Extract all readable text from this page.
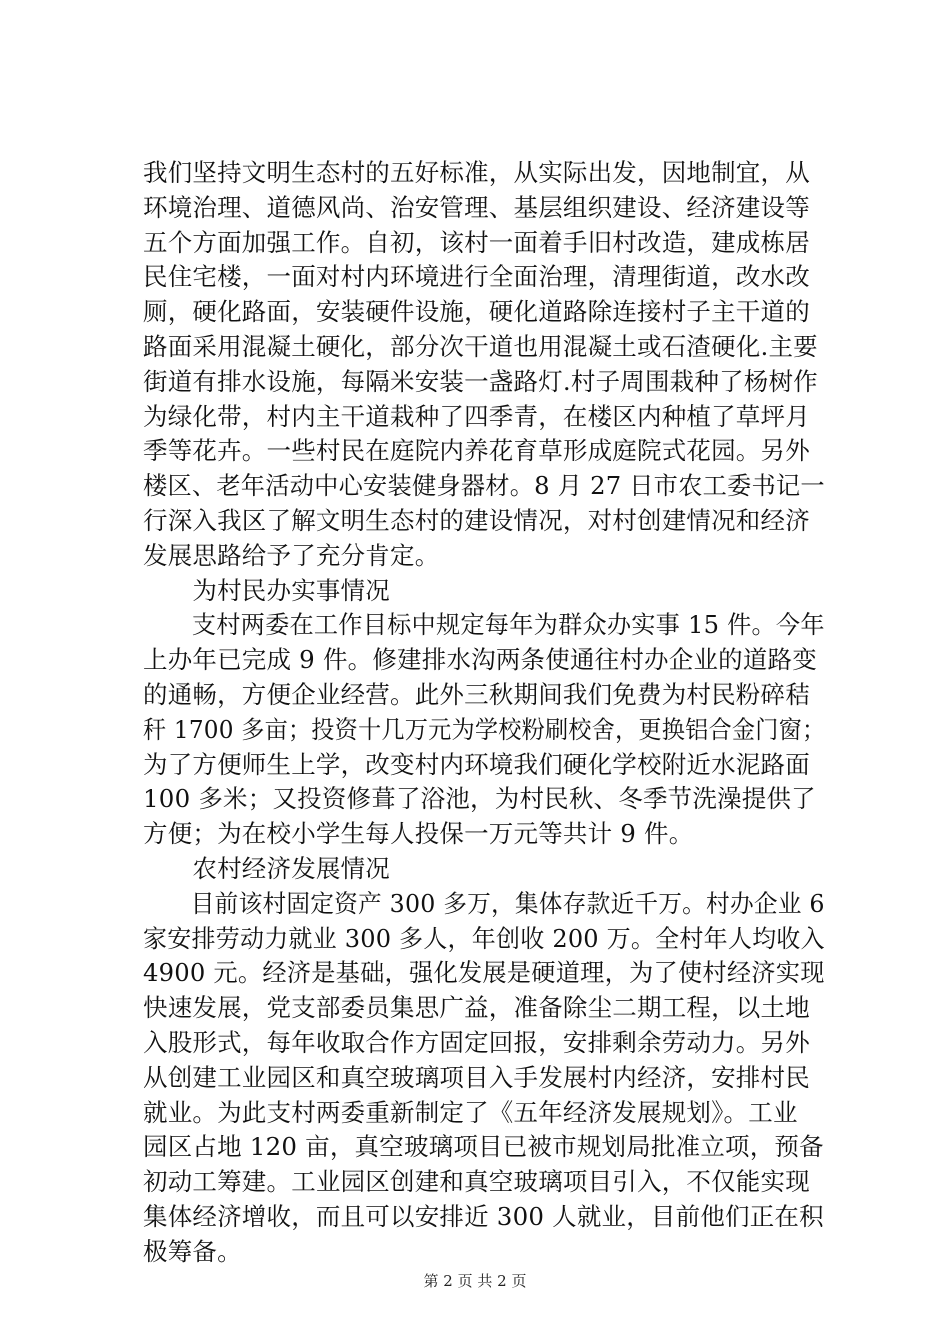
我们坚持文明生态村的五好标准，从实际出发，因地制宜，从
环境治理、道德风尚、治安管理、基层组织建设、经济建设等
五个方面加强工作。自初，该村一面着手旧村改造，建成栋居
民住宅楼，一面对村内环境进行全面治理，清理街道，改水改
厕，硬化路面，安装硬件设施，硬化道路除连接村子主干道的
路面采用混凝土硬化，部分次干道也用混凝土或石渣硬化.主要
街道有排水设施，每隔米安装一盏路灯.村子周围栽种了杨树作
为绿化带，村内主干道栽种了四季青，在楼区内种植了草坪月
季等花卉。一些村民在庭院内养花育草形成庭院式花园。另外
楼区、老年活动中心安装健身器材。8 月 27 日市农工委书记一
行深入我区了解文明生态村的建设情况，对村创建情况和经济
发展思路给予了充分肯定。
　　为村民办实事情况
　　支村两委在工作目标中规定每年为群众办实事 15 件。今年
上办年已完成 9 件。修建排水沟两条使通往村办企业的道路变
的通畅，方便企业经营。此外三秋期间我们免费为村民粉碎秸
秆 1700 多亩；投资十几万元为学校粉刷校舍，更换铝合金门窗；
为了方便师生上学，改变村内环境我们硬化学校附近水泥路面
100 多米；又投资修葺了浴池，为村民秋、冬季节洗澡提供了
方便；为在校小学生每人投保一万元等共计 9 件。
　　农村经济发展情况
　　目前该村固定资产 300 多万，集体存款近千万。村办企业 6
家安排劳动力就业 300 多人，年创收 200 万。全村年人均收入
4900 元。经济是基础，强化发展是硬道理，为了使村经济实现
快速发展，党支部委员集思广益，准备除尘二期工程，以土地
入股形式，每年收取合作方固定回报，安排剩余劳动力。另外
从创建工业园区和真空玻璃项目入手发展村内经济，安排村民
就业。为此支村两委重新制定了《五年经济发展规划》。工业
园区占地 120 亩，真空玻璃项目已被市规划局批准立项，预备
初动工筹建。工业园区创建和真空玻璃项目引入，不仅能实现
集体经济增收，而且可以安排近 300 人就业，目前他们正在积
极筹备。
第 2 页 共 2 页
